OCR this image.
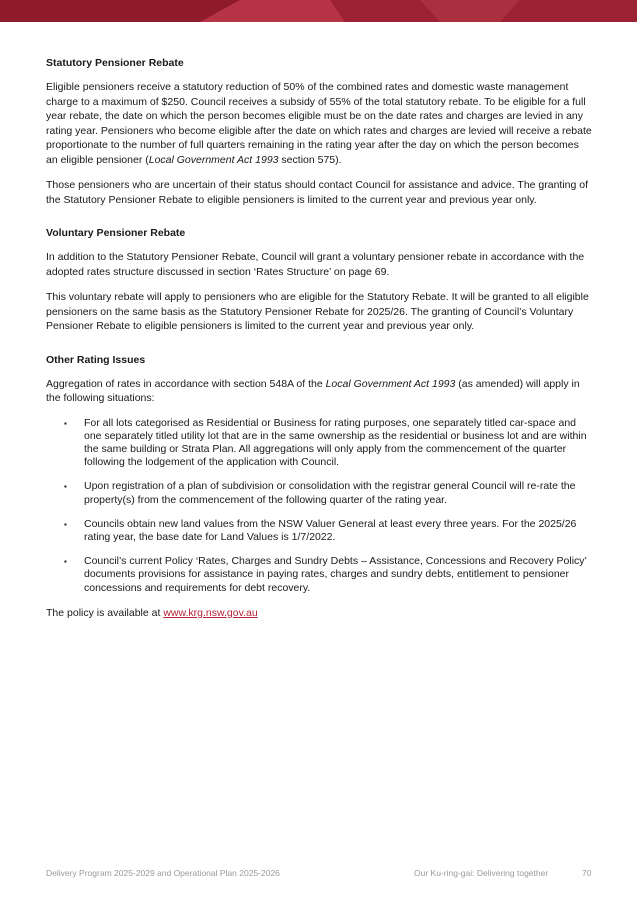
Statutory Pensioner Rebate

Eligible pensioners receive a statutory reduction of 50% of the combined rates and domestic waste management charge to a maximum of $250. Council receives a subsidy of 55% of the total statutory rebate. To be eligible for a full year rebate, the date on which the person becomes eligible must be on the date rates and charges are levied in any rating year. Pensioners who become eligible after the date on which rates and charges are levied will receive a rebate proportionate to the number of full quarters remaining in the rating year after the day on which the person becomes an eligible pensioner (Local Government Act 1993 section 575).

Those pensioners who are uncertain of their status should contact Council for assistance and advice. The granting of the Statutory Pensioner Rebate to eligible pensioners is limited to the current year and previous year only.

Voluntary Pensioner Rebate

In addition to the Statutory Pensioner Rebate, Council will grant a voluntary pensioner rebate in accordance with the adopted rates structure discussed in section ‘Rates Structure’ on page 69.

This voluntary rebate will apply to pensioners who are eligible for the Statutory Rebate. It will be granted to all eligible pensioners on the same basis as the Statutory Pensioner Rebate for 2025/26. The granting of Council’s Voluntary Pensioner Rebate to eligible pensioners is limited to the current year and previous year only.

Other Rating Issues

Aggregation of rates in accordance with section 548A of the Local Government Act 1993 (as amended) will apply in the following situations:

▪ For all lots categorised as Residential or Business for rating purposes, one separately titled car-space and one separately titled utility lot that are in the same ownership as the residential or business lot and are within the same building or Strata Plan. All aggregations will only apply from the commencement of the quarter following the lodgement of the application with Council.
▪ Upon registration of a plan of subdivision or consolidation with the registrar general Council will re-rate the property(s) from the commencement of the following quarter of the rating year.
▪ Councils obtain new land values from the NSW Valuer General at least every three years. For the 2025/26 rating year, the base date for Land Values is 1/7/2022.
▪ Council’s current Policy ‘Rates, Charges and Sundry Debts – Assistance, Concessions and Recovery Policy’ documents provisions for assistance in paying rates, charges and sundry debts, entitlement to pensioner concessions and requirements for debt recovery.

The policy is available at www.krg.nsw.gov.au

Delivery Program 2025-2029 and Operational Plan 2025-2026	Our Ku-ring-gai: Delivering together	70
